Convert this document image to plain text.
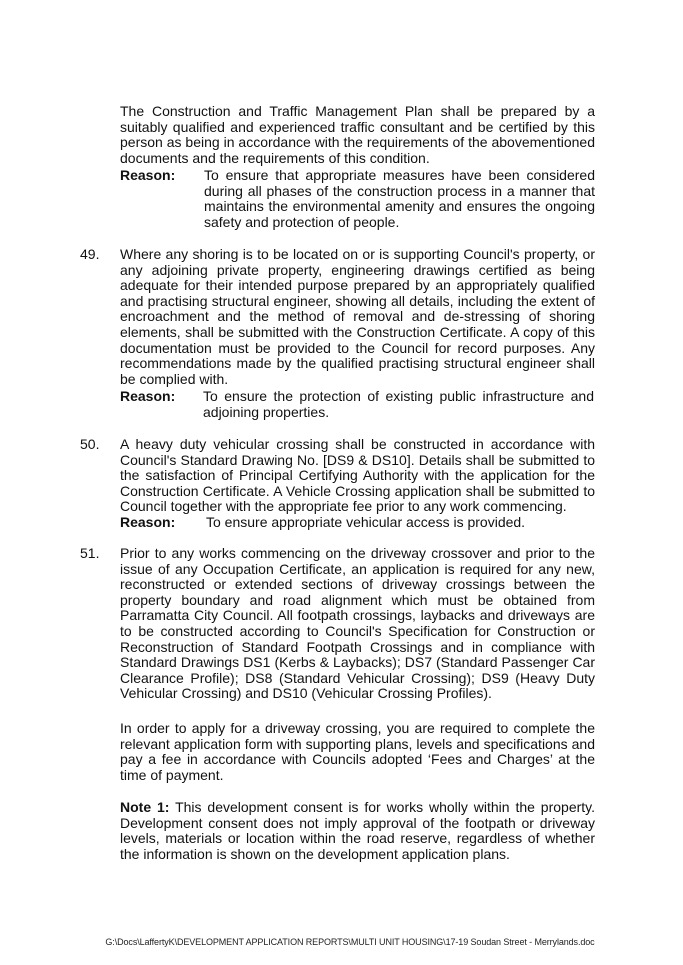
The Construction and Traffic Management Plan shall be prepared by a suitably qualified and experienced traffic consultant and be certified by this person as being in accordance with the requirements of the abovementioned documents and the requirements of this condition.
Reason: To ensure that appropriate measures have been considered during all phases of the construction process in a manner that maintains the environmental amenity and ensures the ongoing safety and protection of people.
49.	Where any shoring is to be located on or is supporting Council's property, or any adjoining private property, engineering drawings certified as being adequate for their intended purpose prepared by an appropriately qualified and practising structural engineer, showing all details, including the extent of encroachment and the method of removal and de-stressing of shoring elements, shall be submitted with the Construction Certificate. A copy of this documentation must be provided to the Council for record purposes. Any recommendations made by the qualified practising structural engineer shall be complied with.
Reason: To ensure the protection of existing public infrastructure and adjoining properties.
50.	A heavy duty vehicular crossing shall be constructed in accordance with Council's Standard Drawing No. [DS9 & DS10]. Details shall be submitted to the satisfaction of Principal Certifying Authority with the application for the Construction Certificate. A Vehicle Crossing application shall be submitted to Council together with the appropriate fee prior to any work commencing.
Reason: To ensure appropriate vehicular access is provided.
51.	Prior to any works commencing on the driveway crossover and prior to the issue of any Occupation Certificate, an application is required for any new, reconstructed or extended sections of driveway crossings between the property boundary and road alignment which must be obtained from Parramatta City Council. All footpath crossings, laybacks and driveways are to be constructed according to Council's Specification for Construction or Reconstruction of Standard Footpath Crossings and in compliance with Standard Drawings DS1 (Kerbs & Laybacks); DS7 (Standard Passenger Car Clearance Profile); DS8 (Standard Vehicular Crossing); DS9 (Heavy Duty Vehicular Crossing) and DS10 (Vehicular Crossing Profiles).
In order to apply for a driveway crossing, you are required to complete the relevant application form with supporting plans, levels and specifications and pay a fee in accordance with Councils adopted ‘Fees and Charges’ at the time of payment.
Note 1: This development consent is for works wholly within the property. Development consent does not imply approval of the footpath or driveway levels, materials or location within the road reserve, regardless of whether the information is shown on the development application plans.
G:\Docs\LaffertyK\DEVELOPMENT APPLICATION REPORTS\MULTI UNIT HOUSING\17-19 Soudan Street - Merrylands.doc
